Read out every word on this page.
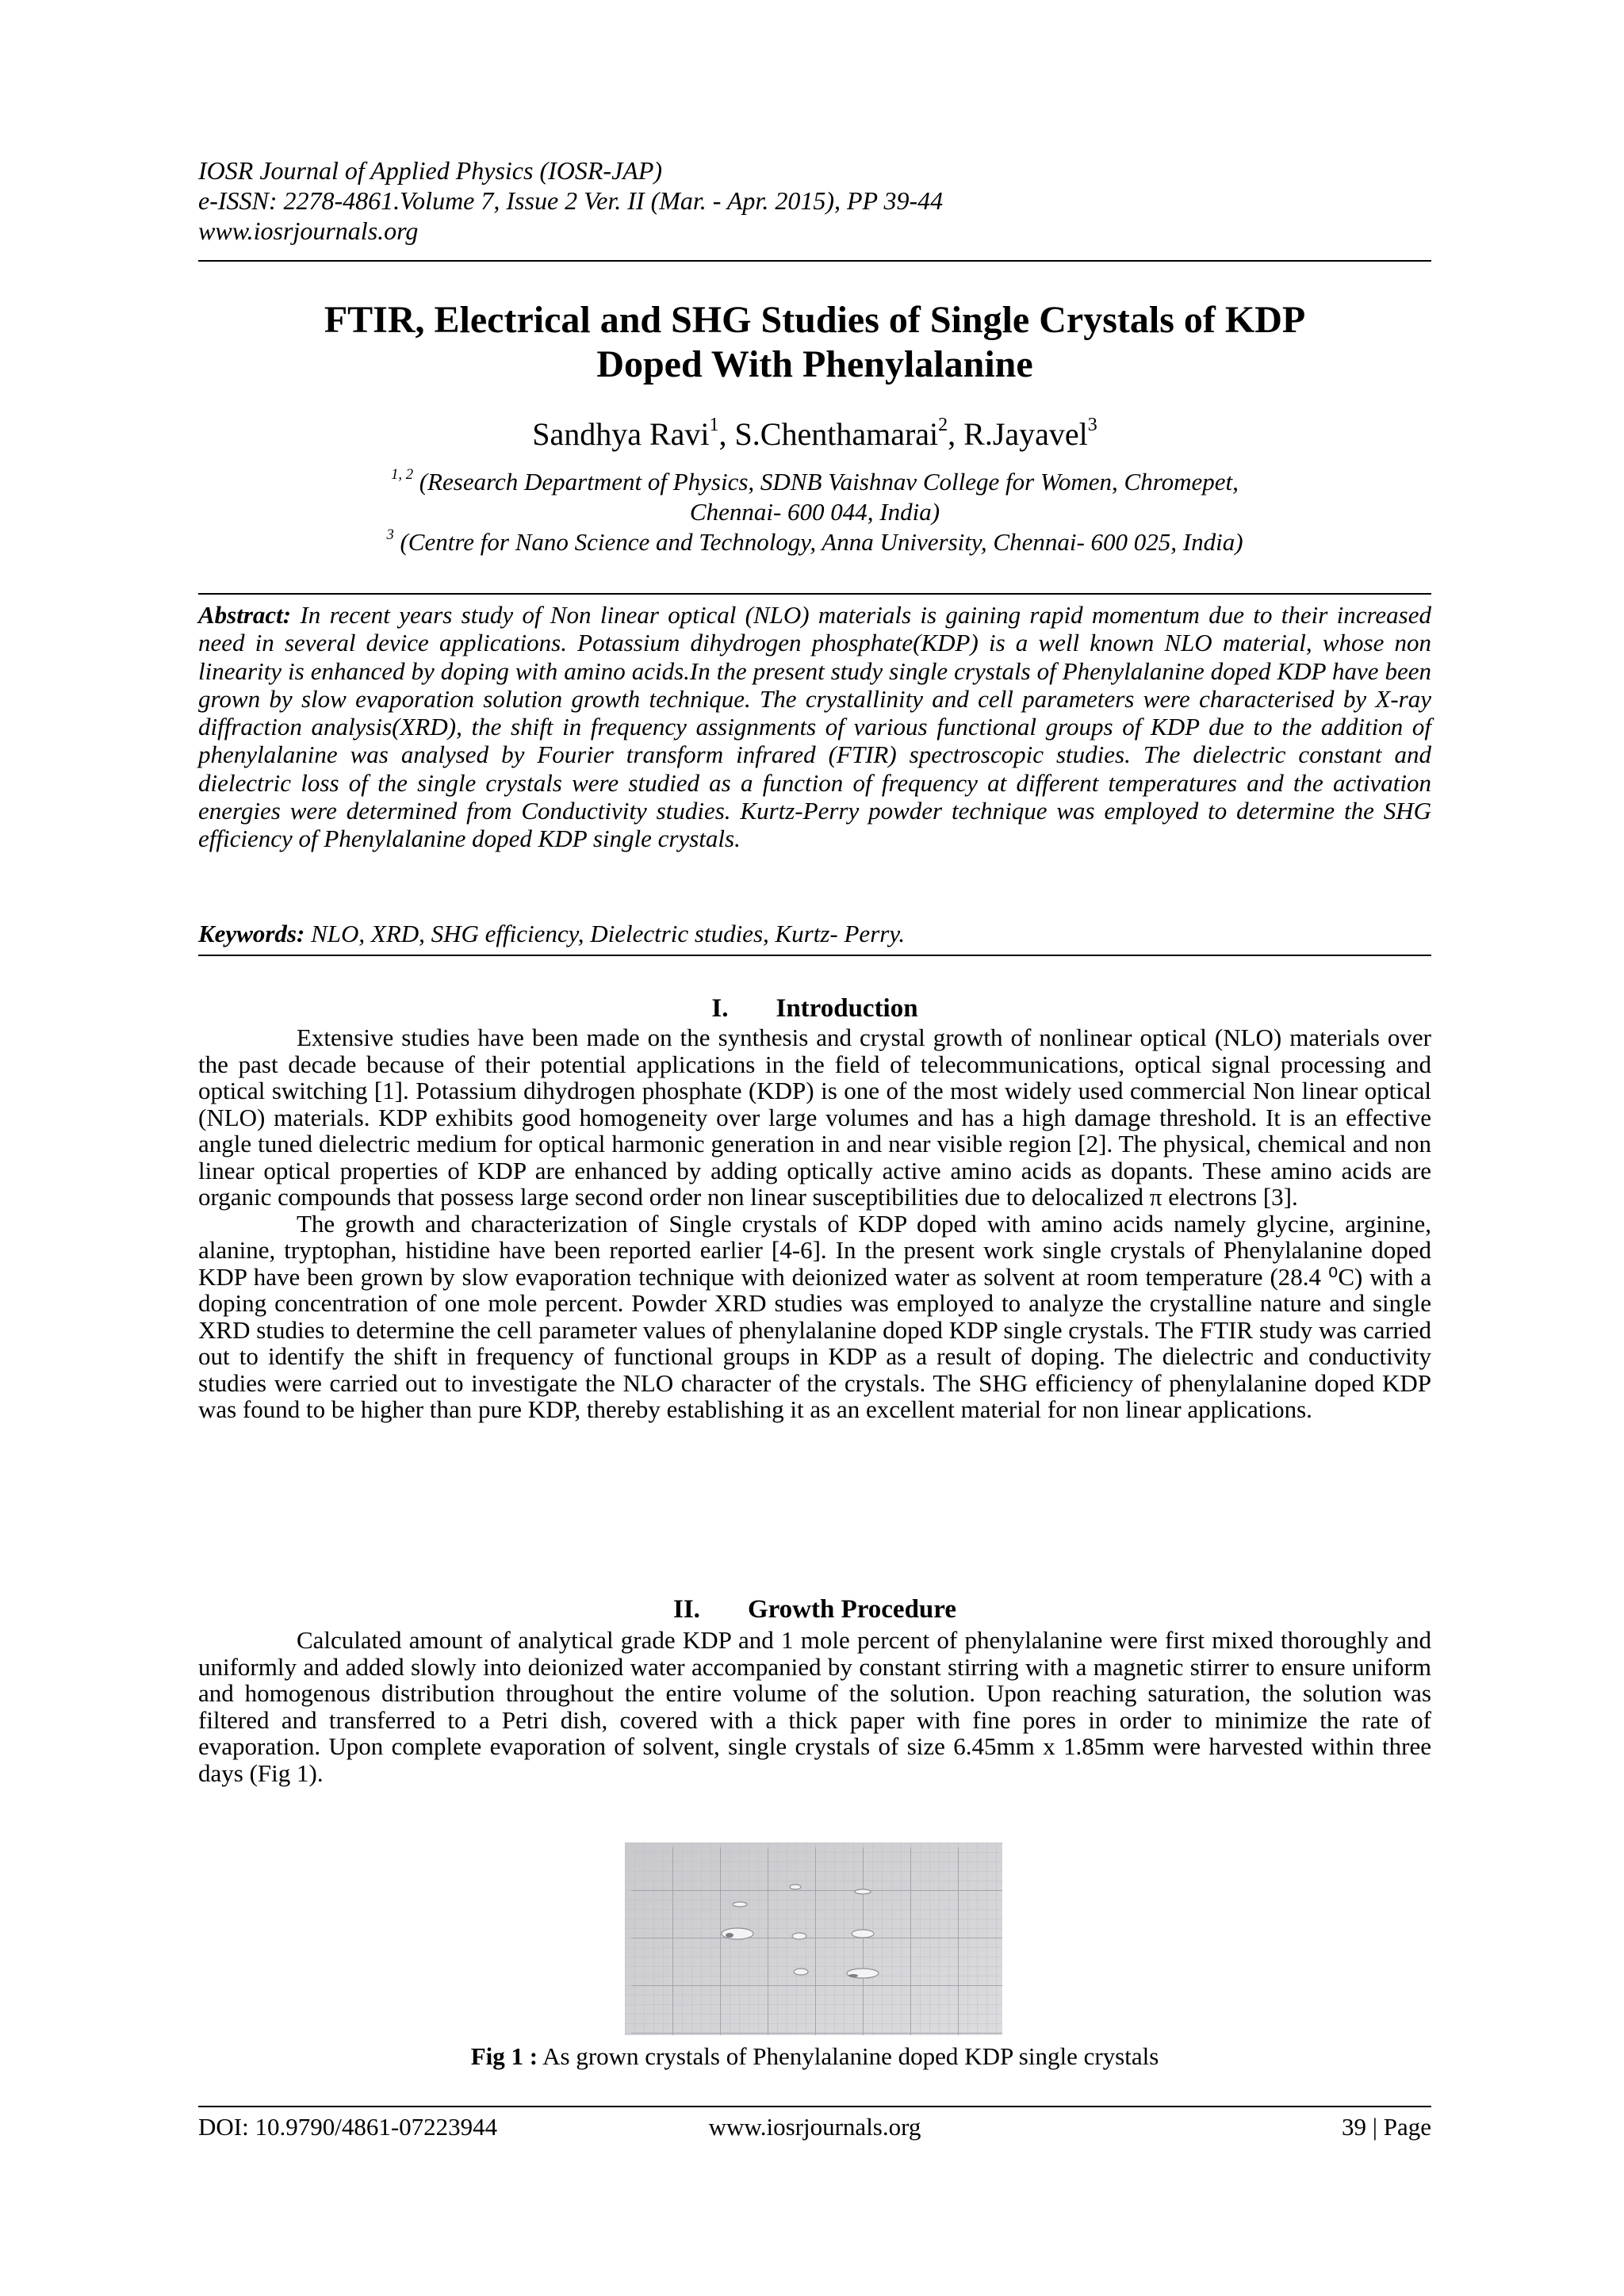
IOSR Journal of Applied Physics (IOSR-JAP)
e-ISSN: 2278-4861.Volume 7, Issue 2 Ver. II (Mar. - Apr. 2015), PP 39-44
www.iosrjournals.org
FTIR, Electrical and SHG Studies of Single Crystals of KDP
Doped With Phenylalanine
Sandhya Ravi$^1$, S.Chenthamarai$^2$, R.Jayavel$^3$
$^{1, 2}$ (Research Department of Physics, SDNB Vaishnav College for Women, Chromepet,
Chennai- 600 044, India)
$^3$ (Centre for Nano Science and Technology, Anna University, Chennai- 600 025, India)
Abstract: In recent years study of Non linear optical (NLO) materials is gaining rapid momentum due to their increased need in several device applications. Potassium dihydrogen phosphate(KDP) is a well known NLO material, whose non linearity is enhanced by doping with amino acids.In the present study single crystals of Phenylalanine doped KDP have been grown by slow evaporation solution growth technique. The crystallinity and cell parameters were characterised by X-ray diffraction analysis(XRD), the shift in frequency assignments of various functional groups of KDP due to the addition of phenylalanine was analysed by Fourier transform infrared (FTIR) spectroscopic studies. The dielectric constant and dielectric loss of the single crystals were studied as a function of frequency at different temperatures and the activation energies were determined from Conductivity studies. Kurtz-Perry powder technique was employed to determine the SHG efficiency of Phenylalanine doped KDP single crystals.
Keywords: NLO, XRD, SHG efficiency, Dielectric studies, Kurtz- Perry.
I. Introduction

Extensive studies have been made on the synthesis and crystal growth of nonlinear optical (NLO) materials over the past decade because of their potential applications in the field of telecommunications, optical signal processing and optical switching [1]. Potassium dihydrogen phosphate (KDP) is one of the most widely used commercial Non linear optical (NLO) materials. KDP exhibits good homogeneity over large volumes and has a high damage threshold. It is an effective angle tuned dielectric medium for optical harmonic generation in and near visible region [2]. The physical, chemical and non linear optical properties of KDP are enhanced by adding optically active amino acids as dopants. These amino acids are organic compounds that possess large second order non linear susceptibilities due to delocalized π electrons [3].

The growth and characterization of Single crystals of KDP doped with amino acids namely glycine, arginine, alanine, tryptophan, histidine have been reported earlier [4-6]. In the present work single crystals of Phenylalanine doped KDP have been grown by slow evaporation technique with deionized water as solvent at room temperature (28.4 ⁰C) with a doping concentration of one mole percent. Powder XRD studies was employed to analyze the crystalline nature and single XRD studies to determine the cell parameter values of phenylalanine doped KDP single crystals. The FTIR study was carried out to identify the shift in frequency of functional groups in KDP as a result of doping. The dielectric and conductivity studies were carried out to investigate the NLO character of the crystals. The SHG efficiency of phenylalanine doped KDP was found to be higher than pure KDP, thereby establishing it as an excellent material for non linear applications.

II. Growth Procedure

Calculated amount of analytical grade KDP and 1 mole percent of phenylalanine were first mixed thoroughly and uniformly and added slowly into deionized water accompanied by constant stirring with a magnetic stirrer to ensure uniform and homogenous distribution throughout the entire volume of the solution. Upon reaching saturation, the solution was filtered and transferred to a Petri dish, covered with a thick paper with fine pores in order to minimize the rate of evaporation. Upon complete evaporation of solvent, single crystals of size 6.45mm x 1.85mm were harvested within three days (Fig 1).

Fig 1 : As grown crystals of Phenylalanine doped KDP single crystals
DOI: 10.9790/4861-07223944	www.iosrjournals.org	39 | Page
